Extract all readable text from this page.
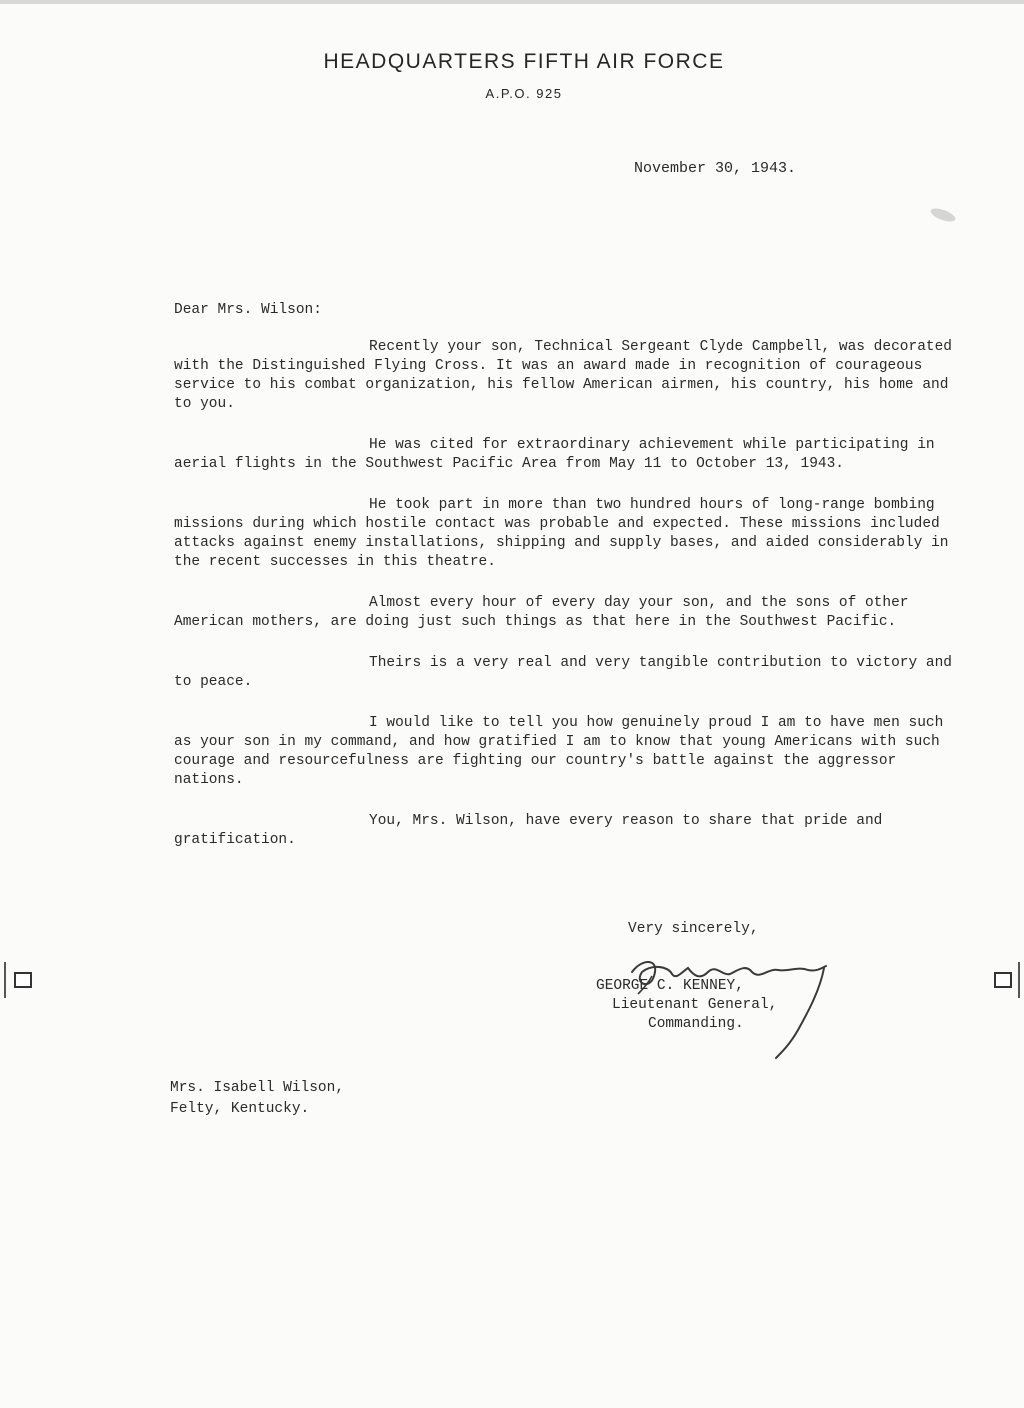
HEADQUARTERS FIFTH AIR FORCE
A.P.O. 925
November 30, 1943.
Dear Mrs. Wilson:

Recently your son, Technical Sergeant Clyde Campbell, was decorated with the Distinguished Flying Cross. It was an award made in recognition of courageous service to his combat organization, his fellow American airmen, his country, his home and to you.

He was cited for extraordinary achievement while participating in aerial flights in the Southwest Pacific Area from May 11 to October 13, 1943.

He took part in more than two hundred hours of long-range bombing missions during which hostile contact was probable and expected. These missions included attacks against enemy installations, shipping and supply bases, and aided considerably in the recent successes in this theatre.

Almost every hour of every day your son, and the sons of other American mothers, are doing just such things as that here in the Southwest Pacific.

Theirs is a very real and very tangible contribution to victory and to peace.

I would like to tell you how genuinely proud I am to have men such as your son in my command, and how gratified I am to know that young Americans with such courage and resourcefulness are fighting our country's battle against the aggressor nations.

You, Mrs. Wilson, have every reason to share that pride and gratification.

Very sincerely,
GEORGE C. KENNEY,
Lieutenant General,
Commanding.
Mrs. Isabell Wilson,
Felty, Kentucky.
